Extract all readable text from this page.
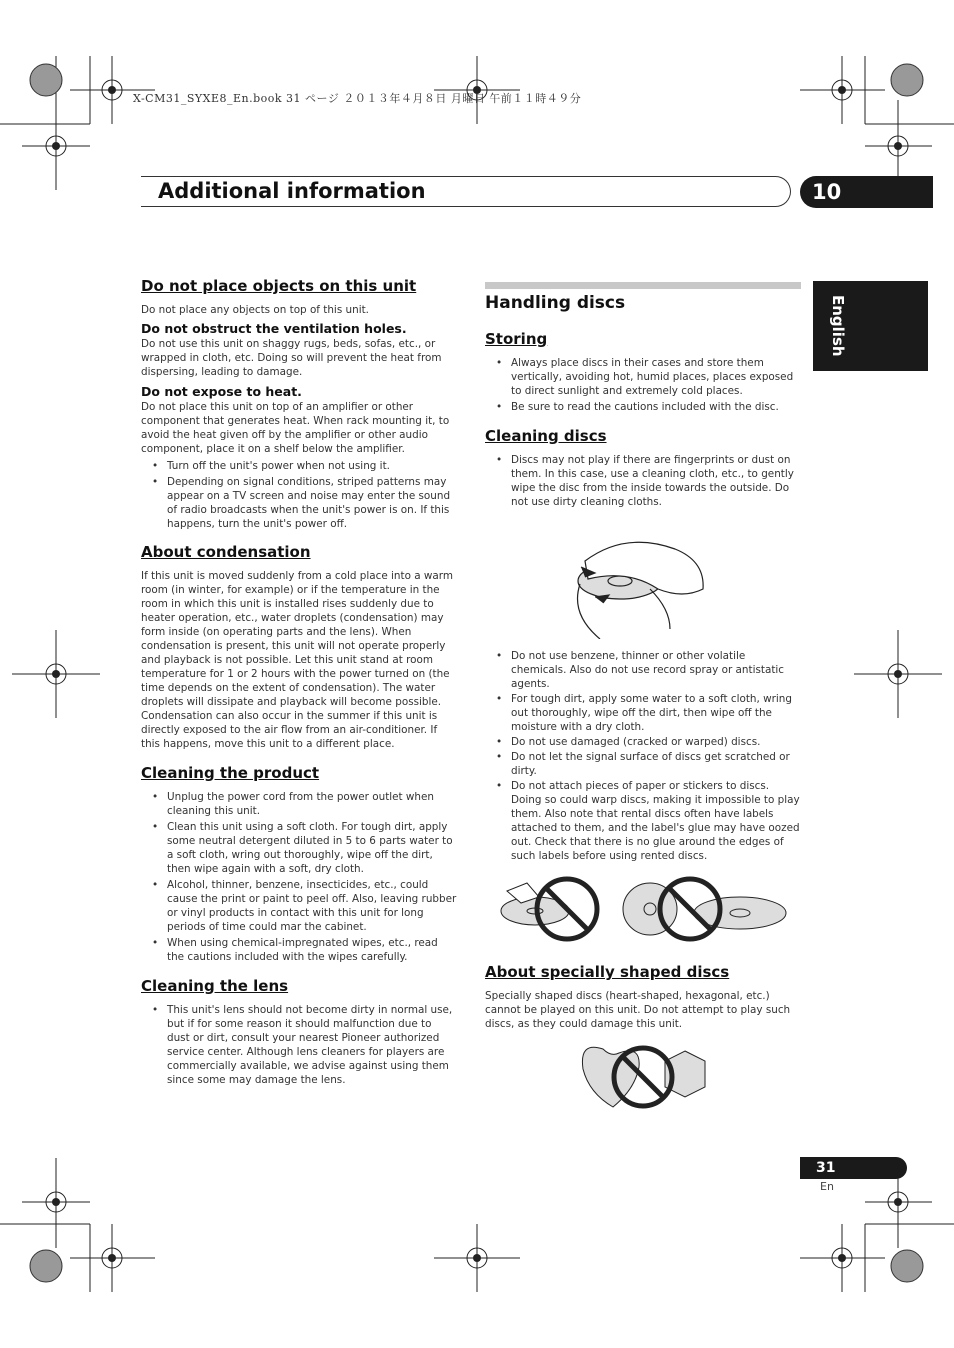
X-CM31_SYXE8_En.book 31 ページ ２０１３年４月８日 月曜日 午前１１時４９分
Additional information	10
English

Do not place objects on this unit

Do not place any objects on top of this unit.

Do not obstruct the ventilation holes.

Do not use this unit on shaggy rugs, beds, sofas, etc., or wrapped in cloth, etc. Doing so will prevent the heat from dispersing, leading to damage.

Do not expose to heat.

Do not place this unit on top of an amplifier or other component that generates heat. When rack mounting it, to avoid the heat given off by the amplifier or other audio component, place it on a shelf below the amplifier.

• Turn off the unit's power when not using it.
• Depending on signal conditions, striped patterns may appear on a TV screen and noise may enter the sound of radio broadcasts when the unit's power is on. If this happens, turn the unit's power off.

About condensation

If this unit is moved suddenly from a cold place into a warm room (in winter, for example) or if the temperature in the room in which this unit is installed rises suddenly due to heater operation, etc., water droplets (condensation) may form inside (on operating parts and the lens). When condensation is present, this unit will not operate properly and playback is not possible. Let this unit stand at room temperature for 1 or 2 hours with the power turned on (the time depends on the extent of condensation). The water droplets will dissipate and playback will become possible. Condensation can also occur in the summer if this unit is directly exposed to the air flow from an air-conditioner. If this happens, move this unit to a different place.

Cleaning the product

• Unplug the power cord from the power outlet when cleaning this unit.
• Clean this unit using a soft cloth. For tough dirt, apply some neutral detergent diluted in 5 to 6 parts water to a soft cloth, wring out thoroughly, wipe off the dirt, then wipe again with a soft, dry cloth.
• Alcohol, thinner, benzene, insecticides, etc., could cause the print or paint to peel off. Also, leaving rubber or vinyl products in contact with this unit for long periods of time could mar the cabinet.
• When using chemical-impregnated wipes, etc., read the cautions included with the wipes carefully.

Cleaning the lens

• This unit's lens should not become dirty in normal use, but if for some reason it should malfunction due to dust or dirt, consult your nearest Pioneer authorized service center. Although lens cleaners for players are commercially available, we advise against using them since some may damage the lens.

Handling discs

Storing

• Always place discs in their cases and store them vertically, avoiding hot, humid places, places exposed to direct sunlight and extremely cold places.
• Be sure to read the cautions included with the disc.

Cleaning discs

• Discs may not play if there are fingerprints or dust on them. In this case, use a cleaning cloth, etc., to gently wipe the disc from the inside towards the outside. Do not use dirty cleaning cloths.
• Do not use benzene, thinner or other volatile chemicals. Also do not use record spray or antistatic agents.
• For tough dirt, apply some water to a soft cloth, wring out thoroughly, wipe off the dirt, then wipe off the moisture with a dry cloth.
• Do not use damaged (cracked or warped) discs.
• Do not let the signal surface of discs get scratched or dirty.
• Do not attach pieces of paper or stickers to discs. Doing so could warp discs, making it impossible to play them. Also note that rental discs often have labels attached to them, and the label's glue may have oozed out. Check that there is no glue around the edges of such labels before using rented discs.

About specially shaped discs

Specially shaped discs (heart-shaped, hexagonal, etc.) cannot be played on this unit. Do not attempt to play such discs, as they could damage this unit.

31
En
